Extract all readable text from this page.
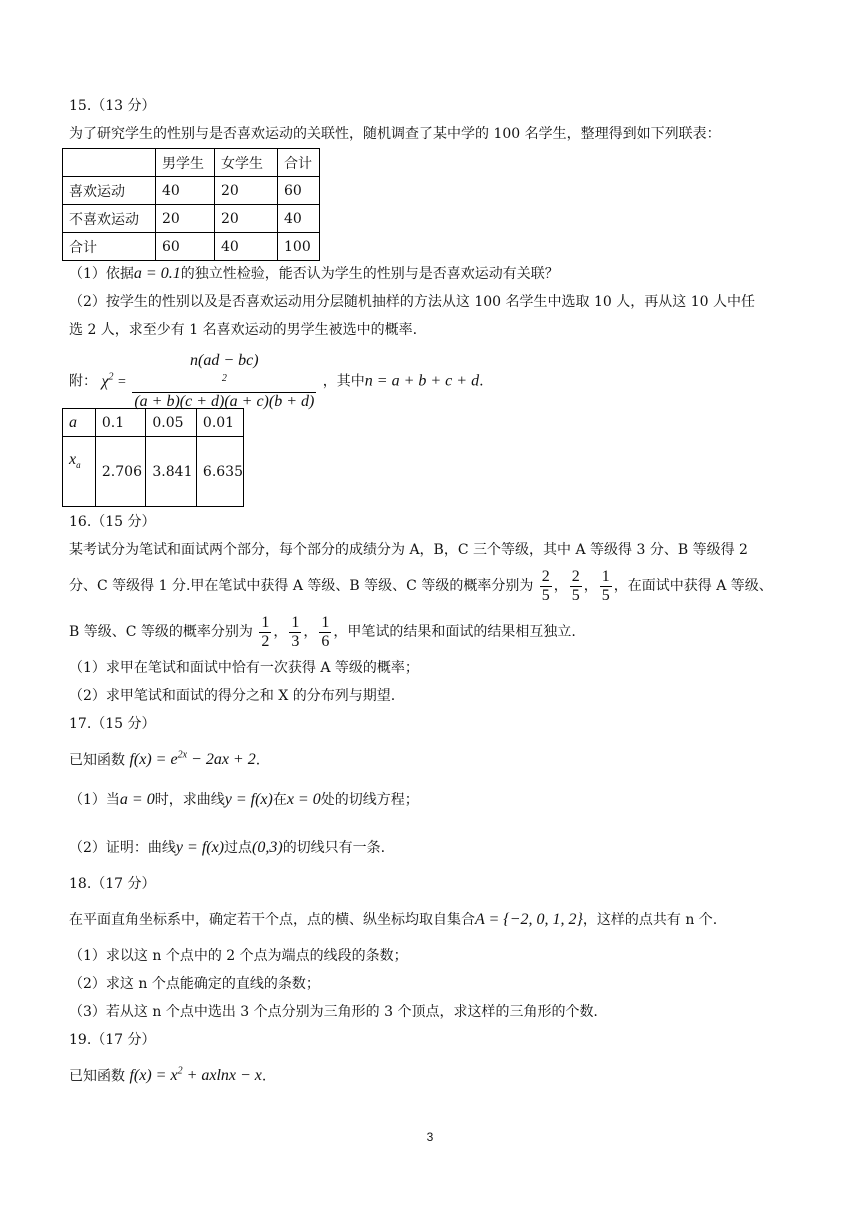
15.（13 分）
为了研究学生的性别与是否喜欢运动的关联性，随机调查了某中学的 100 名学生，整理得到如下列联表：
	男学生	女学生	合计
喜欢运动	40	20	60
不喜欢运动	20	20	40
合计	60	40	100
（1）依据a = 0.1的独立性检验，能否认为学生的性别与是否喜欢运动有关联？
（2）按学生的性别以及是否喜欢运动用分层随机抽样的方法从这 100 名学生中选取 10 人，再从这 10 人中任
选 2 人，求至少有 1 名喜欢运动的男学生被选中的概率.
附： $\chi^2 = n(ad - bc)$
$^2$
(a + b)(c + d)(a + c)(b + d) ，其中n = a + b + c + d.
a	0.1	0.05	0.01
$x_a$	2.706	3.841	6.635
16.（15 分）
某考试分为笔试和面试两个部分，每个部分的成绩分为 A，B，C 三个等级，其中 A 等级得 3 分、B 等级得 2
分、C 等级得 1 分.甲在笔试中获得 A 等级、B 等级、C 等级的概率分别为 $\frac{2}{5}$ ， $\frac{2}{5}$ ， $\frac{1}{5}$ ，在面试中获得 A 等级、
B 等级、C 等级的概率分别为 $\frac{1}{2}$ ， $\frac{1}{3}$ ， $\frac{1}{6}$ ，甲笔试的结果和面试的结果相互独立.
（1）求甲在笔试和面试中恰有一次获得 A 等级的概率；
（2）求甲笔试和面试的得分之和 X 的分布列与期望.
17.（15 分）
已知函数 $f(x) = e^{2x} - 2ax + 2$.
（1）当a = 0时，求曲线y = f(x)在x = 0处的切线方程；
（2）证明：曲线y = f(x)过点(0,3)的切线只有一条.
18.（17 分）
在平面直角坐标系中，确定若干个点，点的横、纵坐标均取自集合A = {−2, 0, 1, 2}，这样的点共有 n 个.
（1）求以这 n 个点中的 2 个点为端点的线段的条数；
（2）求这 n 个点能确定的直线的条数；
（3）若从这 n 个点中选出 3 个点分别为三角形的 3 个顶点，求这样的三角形的个数.
19.（17 分）
已知函数 $f(x) = x^2 + axlnx - x$.
3
